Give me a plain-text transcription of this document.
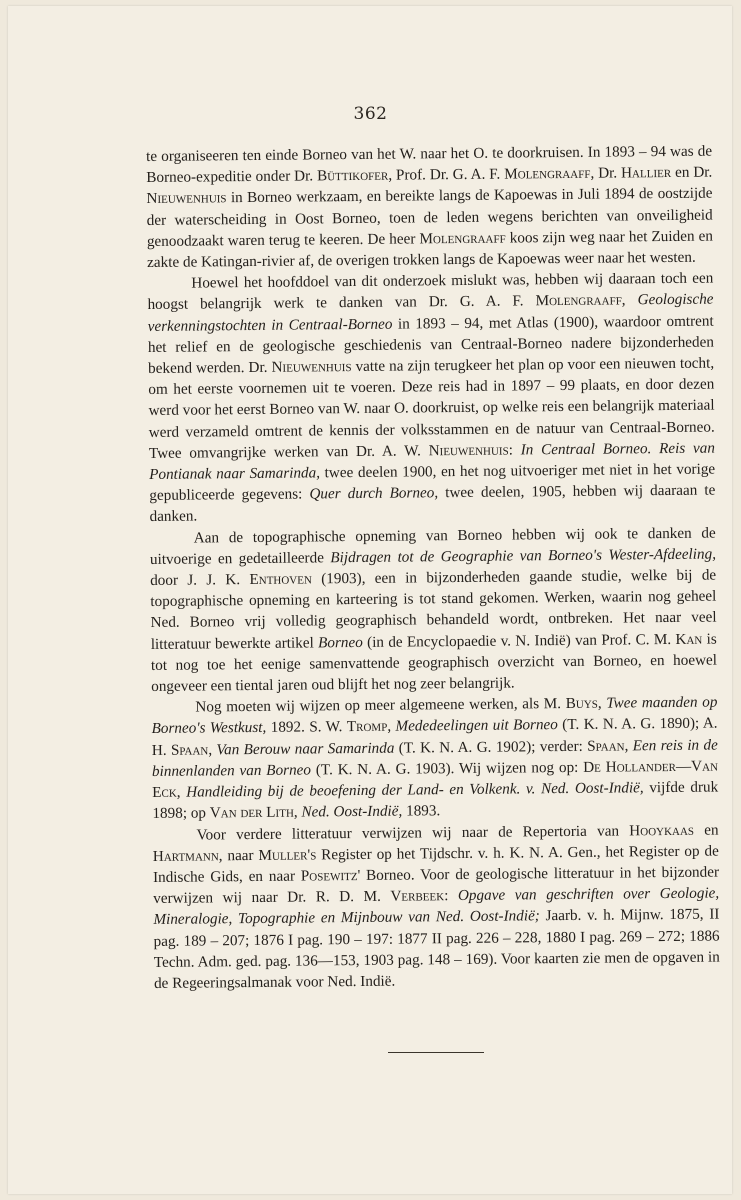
362

te organiseeren ten einde Borneo van het W. naar het O. te doorkruisen. In 1893 – 94 was de Borneo-expeditie onder Dr. Büttikofer, Prof. Dr. G. A. F. Molengraaff, Dr. Hallier en Dr. Nieuwenhuis in Borneo werkzaam, en bereikte langs de Kapoewas in Juli 1894 de oostzijde der waterscheiding in Oost Borneo, toen de leden wegens berichten van onveiligheid genoodzaakt waren terug te keeren. De heer Molengraaff koos zijn weg naar het Zuiden en zakte de Katingan-rivier af, de overigen trokken langs de Kapoewas weer naar het westen.

Hoewel het hoofddoel van dit onderzoek mislukt was, hebben wij daaraan toch een hoogst belangrijk werk te danken van Dr. G. A. F. Molengraaff, Geologische verkenningstochten in Centraal-Borneo in 1893 – 94, met Atlas (1900), waardoor omtrent het relief en de geologische geschiedenis van Centraal-Borneo nadere bijzonderheden bekend werden. Dr. Nieuwenhuis vatte na zijn terugkeer het plan op voor een nieuwen tocht, om het eerste voornemen uit te voeren. Deze reis had in 1897 – 99 plaats, en door dezen werd voor het eerst Borneo van W. naar O. doorkruist, op welke reis een belangrijk materiaal werd verzameld omtrent de kennis der volksstammen en de natuur van Centraal-Borneo. Twee omvangrijke werken van Dr. A. W. Nieuwenhuis: In Centraal Borneo. Reis van Pontianak naar Samarinda, twee deelen 1900, en het nog uitvoeriger met niet in het vorige gepubliceerde gegevens: Quer durch Borneo, twee deelen, 1905, hebben wij daaraan te danken.

Aan de topographische opneming van Borneo hebben wij ook te danken de uitvoerige en gedetailleerde Bijdragen tot de Geographie van Borneo's Wester-Afdeeling, door J. J. K. Enthoven (1903), een in bijzonderheden gaande studie, welke bij de topographische opneming en karteering is tot stand gekomen. Werken, waarin nog geheel Ned. Borneo vrij volledig geographisch behandeld wordt, ontbreken. Het naar veel litteratuur bewerkte artikel Borneo (in de Encyclopaedie v. N. Indië) van Prof. C. M. Kan is tot nog toe het eenige samenvattende geographisch overzicht van Borneo, en hoewel ongeveer een tiental jaren oud blijft het nog zeer belangrijk.

Nog moeten wij wijzen op meer algemeene werken, als M. Buys, Twee maanden op Borneo's Westkust, 1892. S. W. Tromp, Mededeelingen uit Borneo (T. K. N. A. G. 1890); A. H. Spaan, Van Berouw naar Samarinda (T. K. N. A. G. 1902); verder: Spaan, Een reis in de binnenlanden van Borneo (T. K. N. A. G. 1903). Wij wijzen nog op: De Hollander—Van Eck, Handleiding bij de beoefening der Land- en Volkenk. v. Ned. Oost-Indië, vijfde druk 1898; op Van der Lith, Ned. Oost-Indië, 1893.

Voor verdere litteratuur verwijzen wij naar de Repertoria van Hooykaas en Hartmann, naar Muller's Register op het Tijdschr. v. h. K. N. A. Gen., het Register op de Indische Gids, en naar Posewitz' Borneo. Voor de geologische litteratuur in het bijzonder verwijzen wij naar Dr. R. D. M. Verbeek: Opgave van geschriften over Geologie, Mineralogie, Topographie en Mijnbouw van Ned. Oost-Indië; Jaarb. v. h. Mijnw. 1875, II pag. 189 – 207; 1876 I pag. 190 – 197: 1877 II pag. 226 – 228, 1880 I pag. 269 – 272; 1886 Techn. Adm. ged. pag. 136—153, 1903 pag. 148 – 169). Voor kaarten zie men de opgaven in de Regeeringsalmanak voor Ned. Indië.
